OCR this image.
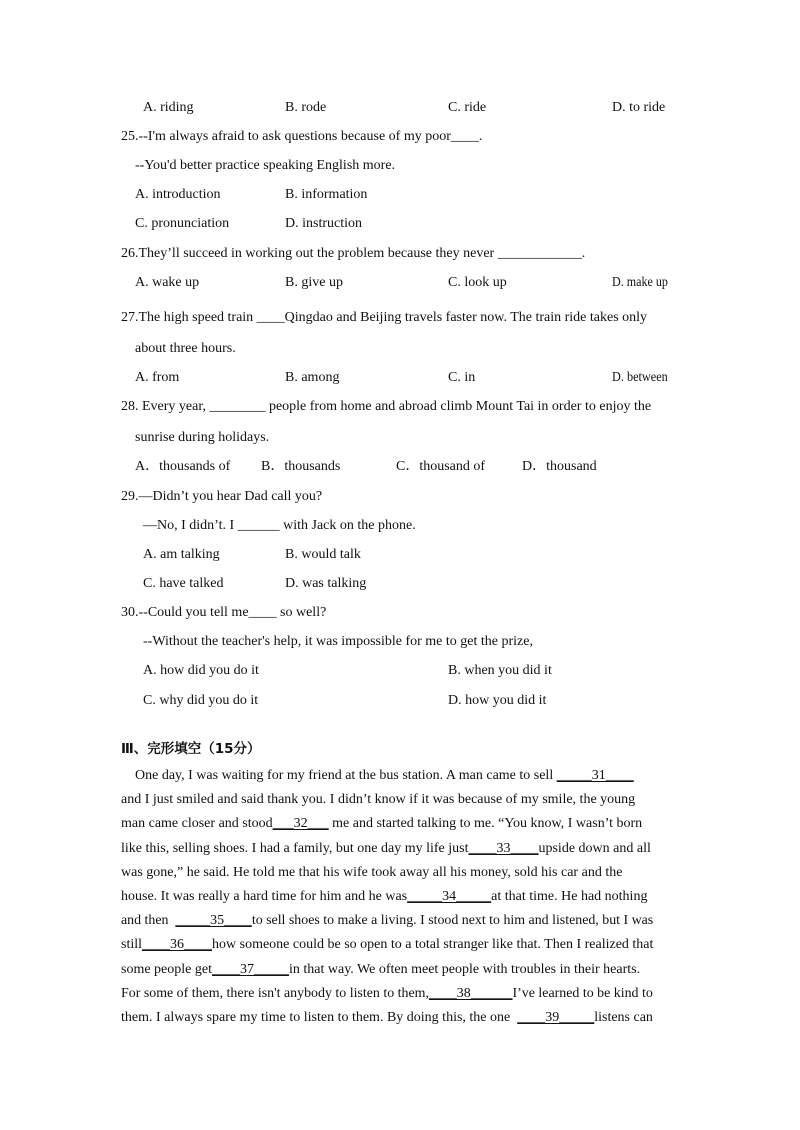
A. riding	B. rode	C. ride	D. to ride
25.--I'm always afraid to ask questions because of my poor____.
--You'd better practice speaking English more.
A. introduction	B. information
C. pronunciation	D. instruction
26.They’ll succeed in working out the problem because they never ____________.
A. wake up	B. give up	C. look up	D. make up
27.The high speed train ____Qingdao and Beijing travels faster now. The train ride takes only
about three hours.
A. from	B. among	C. in	D. between
28. Every year, ________ people from home and abroad climb Mount Tai in order to enjoy the
sunrise during holidays.
A．thousands of B．thousands	C．thousand of	D．thousand
29.—Didn’t you hear Dad call you?
—No, I didn’t. I ______ with Jack on the phone.
A. am talking	B. would talk
C. have talked	D. was talking
30.--Could you tell me____ so well?
--Without the teacher's help, it was impossible for me to get the prize,
A. how did you do it	B. when you did it
C. why did you do it	D. how you did it
Ⅲ、完形填空（15分）
One day, I was waiting for my friend at the bus station. A man came to sell _____31____
and I just smiled and said thank you. I didn’t know if it was because of my smile, the young
man came closer and stood___32___ me and started talking to me. “You know, I wasn’t born
like this, selling shoes. I had a family, but one day my life just____33____upside down and all
was gone,” he said. He told me that his wife took away all his money, sold his car and the
house. It was really a hard time for him and he was_____34_____at that time. He had nothing
and then  _____35____to sell shoes to make a living. I stood next to him and listened, but I was
still____36____how someone could be so open to a total stranger like that. Then I realized that
some people get____37_____in that way. We often meet people with troubles in their hearts.
For some of them, there isn't anybody to listen to them,____38______I’ve learned to be kind to
them. I always spare my time to listen to them. By doing this, the one  ____39_____listens can
